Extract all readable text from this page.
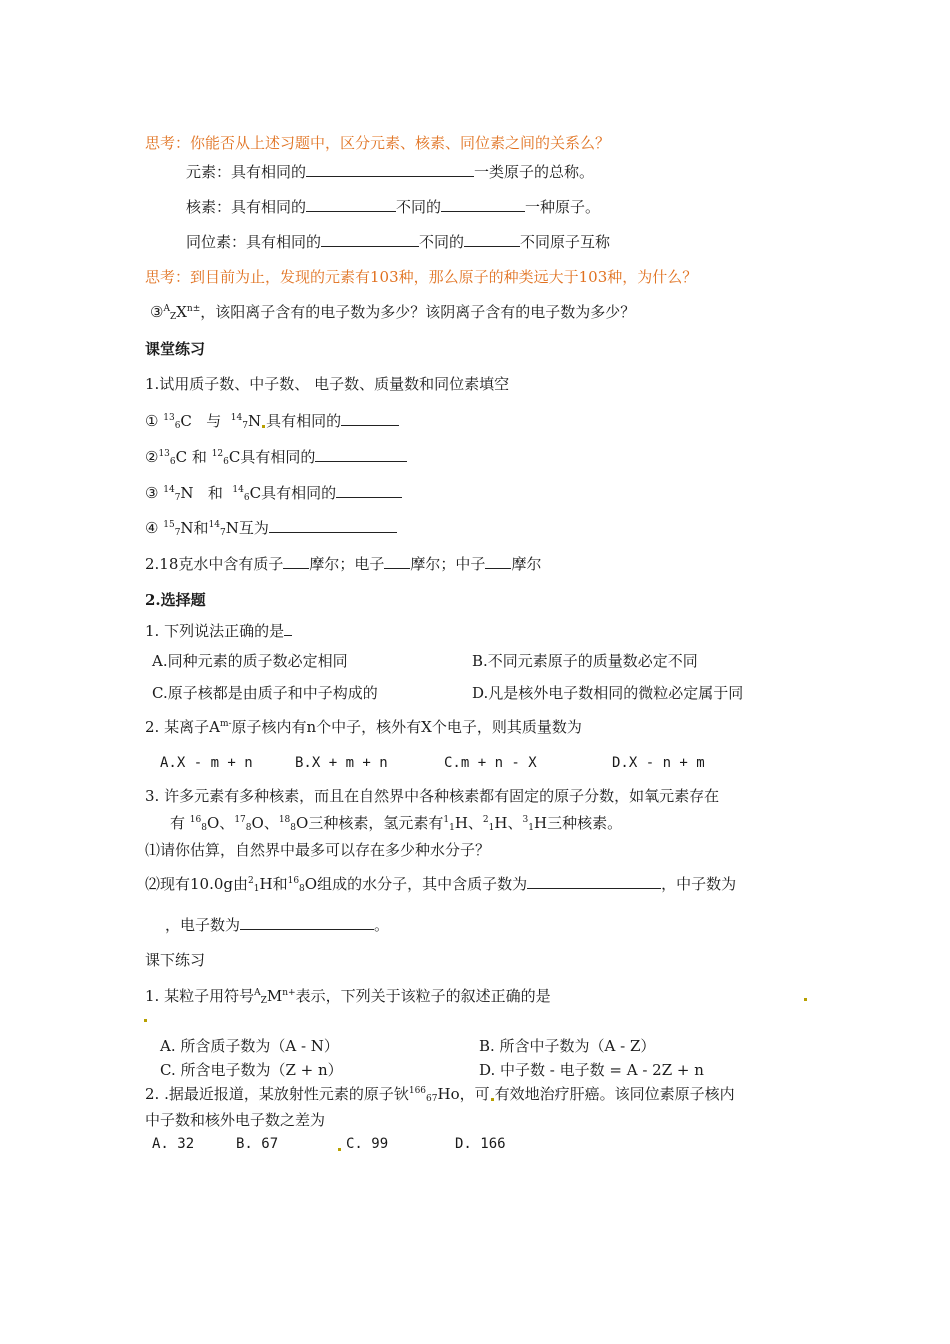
思考：你能否从上述习题中，区分元素、核素、同位素之间的关系么？
元素：具有相同的	一类原子的总称。
核素：具有相同的	不同的	一种原子。
同位素：具有相同的	不同的	不同原子互称
思考：到目前为止，发现的元素有103种，那么原子的种类远大于103种，为什么？
$③^A_ZX^{n\pm}$，该阳离子含有的电子数为多少？该阴离子含有的电子数为多少？
课堂练习
1.试用质子数、中子数、 电子数、质量数和同位素填空
① $^{13}_6$C 与 $^{14}_7$N 具有相同的
②$^{13}_6$C 和 $^{12}_6$C具有相同的
③ $^{14}_7$N 和 $^{14}_6$C具有相同的
④ $^{15}_7$N和$^{14}_7$N互为
2.18克水中含有质子 摩尔；电子 摩尔；中子 摩尔
2.选择题
1. 下列说法正确的是
A.同种元素的质子数必定相同	B.不同元素原子的质量数必定不同
C.原子核都是由质子和中子构成的	D.凡是核外电子数相同的微粒必定属于同
2. 某离子$A^{m-}$原子核内有n个中子，核外有X个电子，则其质量数为
A.X - m + n	B.X + m + n	C.m + n - X	D.X - n + m
3. 许多元素有多种核素，而且在自然界中各种核素都有固定的原子分数，如氧元素存在
有 $^{16}_8$O、$^{17}_8$O、$^{18}_8$O三种核素，氢元素有$^1_1$H、$^2_1$H、$^3_1$H三种核素。
⑴请你估算，自然界中最多可以存在多少种水分子？
⑵现有10.0g由$^2_1$H和$^{16}_8$O组成的水分子，其中含质子数为	，中子数为
，电子数为	。
课下练习
1. 某粒子用符号$^A_ZM^{n+}$表示，下列关于该粒子的叙述正确的是
A. 所含质子数为（A - N）	B. 所含中子数为（A - Z）
C. 所含电子数为（Z + n）	D. 中子数 - 电子数 = A - 2Z + n
2. .据最近报道，某放射性元素的原子钬$^{166}_{67}$Ho，可 有效地治疗肝癌。该同位素原子核内
中子数和核外电子数之差为
A. 32	B. 67	C. 99	D. 166
